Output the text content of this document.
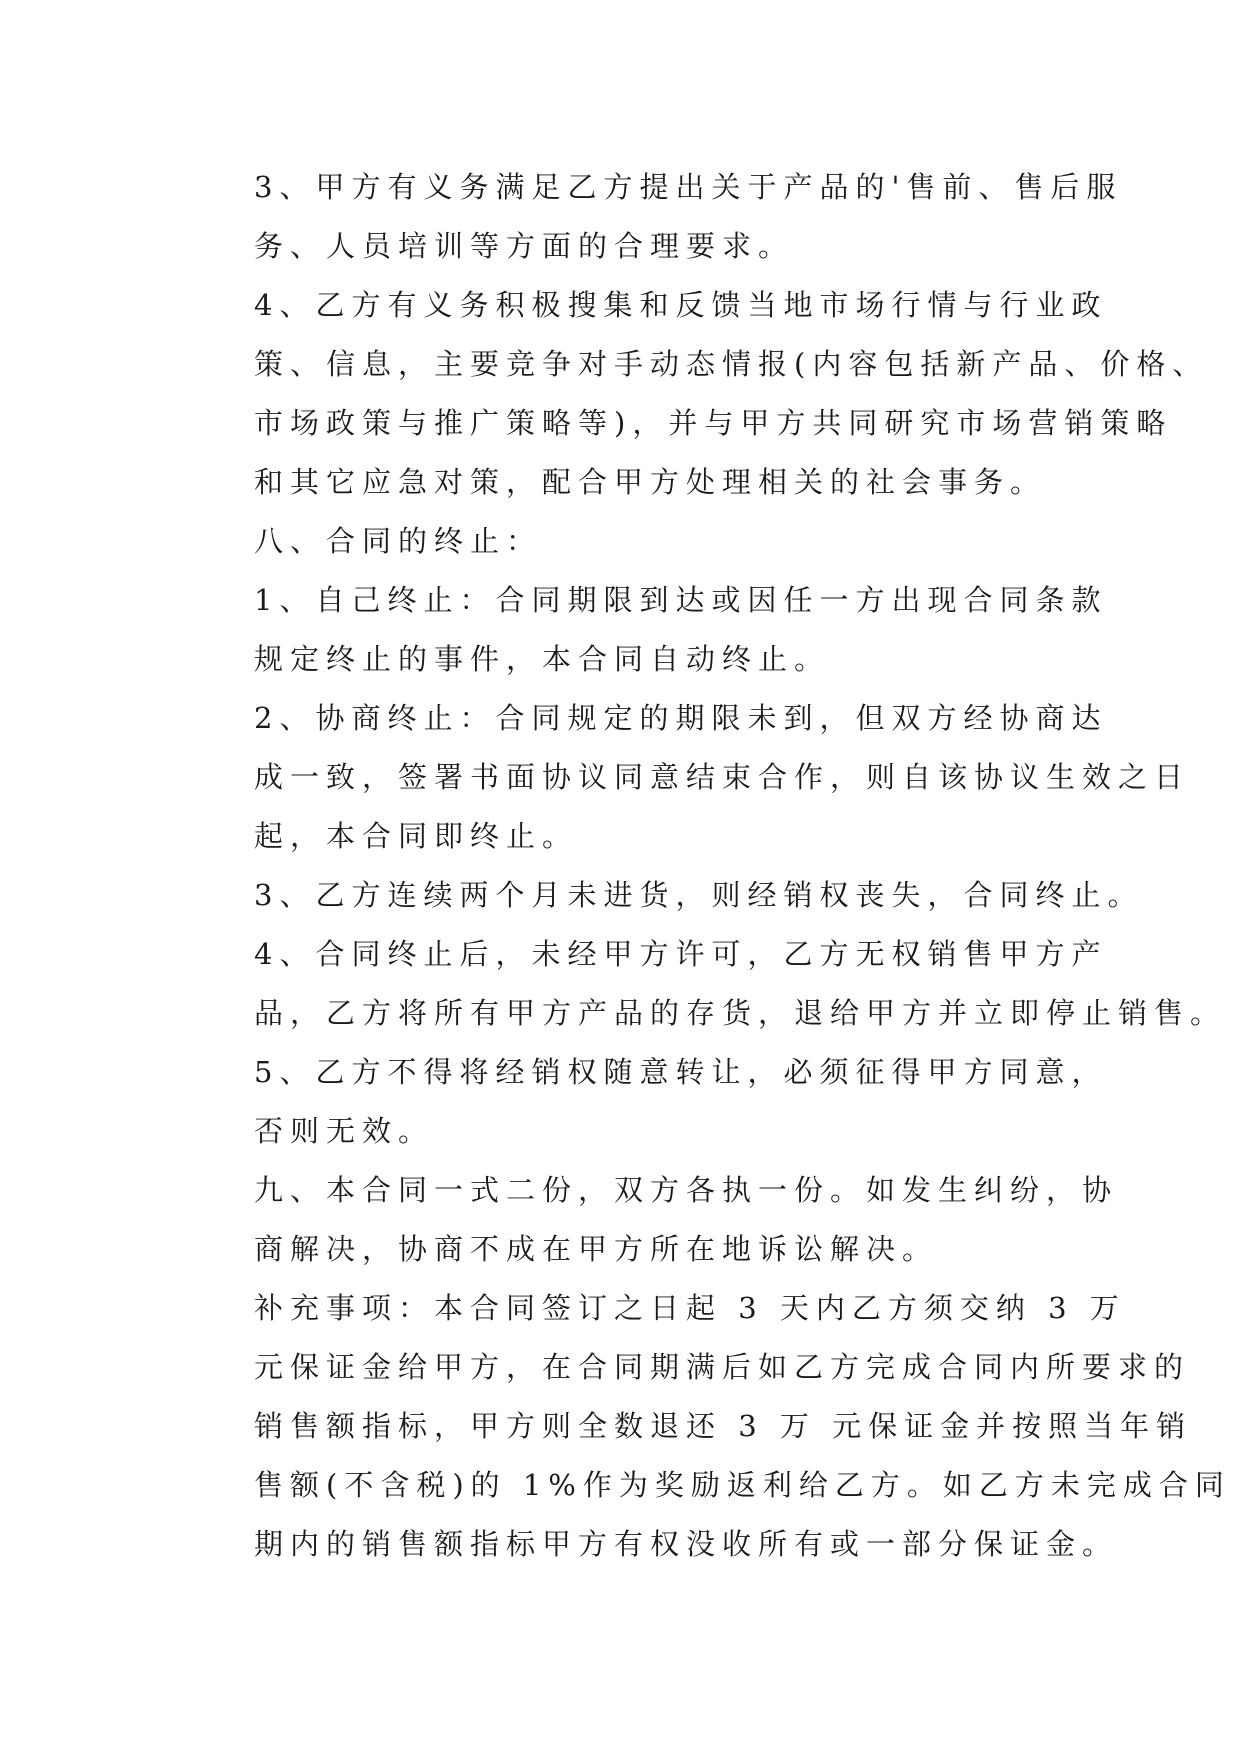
3、甲方有义务满足乙方提出关于产品的'售前、售后服
务、人员培训等方面的合理要求。

4、乙方有义务积极搜集和反馈当地市场行情与行业政
策、信息，主要竞争对手动态情报(内容包括新产品、价格、
市场政策与推广策略等)，并与甲方共同研究市场营销策略
和其它应急对策，配合甲方处理相关的社会事务。

八、合同的终止：

1、自己终止：合同期限到达或因任一方出现合同条款
规定终止的事件，本合同自动终止。

2、协商终止：合同规定的期限未到，但双方经协商达
成一致，签署书面协议同意结束合作，则自该协议生效之日
起，本合同即终止。

3、乙方连续两个月未进货，则经销权丧失，合同终止。

4、合同终止后，未经甲方许可，乙方无权销售甲方产
品，乙方将所有甲方产品的存货，退给甲方并立即停止销售。

5、乙方不得将经销权随意转让，必须征得甲方同意，
否则无效。

九、本合同一式二份，双方各执一份。如发生纠纷，协
商解决，协商不成在甲方所在地诉讼解决。

补充事项：本合同签订之日起 3 天内乙方须交纳 3 万
元保证金给甲方，在合同期满后如乙方完成合同内所要求的
销售额指标，甲方则全数退还 3 万 元保证金并按照当年销
售额(不含税)的 1%作为奖励返利给乙方。如乙方未完成合同
期内的销售额指标甲方有权没收所有或一部分保证金。
